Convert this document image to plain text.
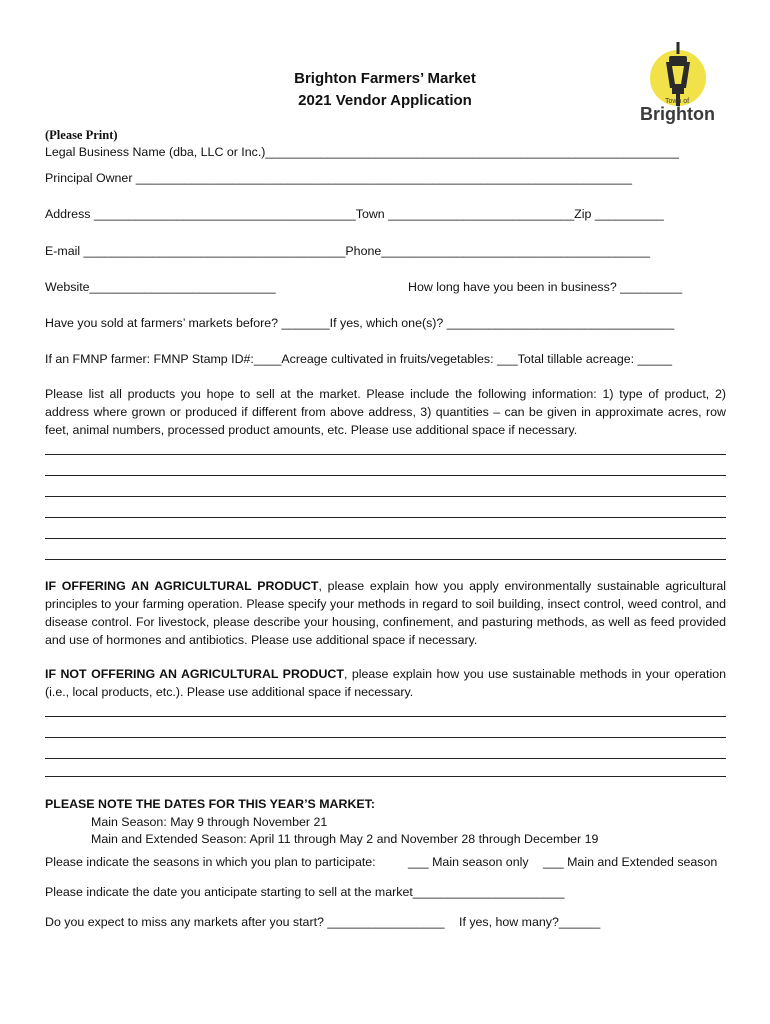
Brighton Farmers’ Market
2021 Vendor Application	Town of
Brighton
(Please Print)
Legal Business Name (dba, LLC or Inc.)____________________________________________________________
Principal Owner ________________________________________________________________________
Address ______________________________________Town ___________________________Zip __________
E-mail ______________________________________Phone_______________________________________
Website___________________________	How long have you been in business? _________
Have you sold at farmers’ markets before? _______If yes, which one(s)? _________________________________
If an FMNP farmer: FMNP Stamp ID#:____Acreage cultivated in fruits/vegetables: ___Total tillable acreage: _____
Please list all products you hope to sell at the market. Please include the following information: 1) type of product, 2) address where grown or produced if different from above address, 3) quantities – can be given in approximate acres, row feet, animal numbers, processed product amounts, etc. Please use additional space if necessary.
IF OFFERING AN AGRICULTURAL PRODUCT, please explain how you apply environmentally sustainable agricultural principles to your farming operation. Please specify your methods in regard to soil building, insect control, weed control, and disease control. For livestock, please describe your housing, confinement, and pasturing methods, as well as feed provided and use of hormones and antibiotics. Please use additional space if necessary.
IF NOT OFFERING AN AGRICULTURAL PRODUCT, please explain how you use sustainable methods in your operation (i.e., local products, etc.). Please use additional space if necessary.
PLEASE NOTE THE DATES FOR THIS YEAR’S MARKET:
Main Season: May 9 through November 21
Main and Extended Season: April 11 through May 2 and November 28 through December 19
Please indicate the seasons in which you plan to participate:	___ Main season only ___ Main and Extended season
Please indicate the date you anticipate starting to sell at the market______________________
Do you expect to miss any markets after you start? _________________ If yes, how many?______
